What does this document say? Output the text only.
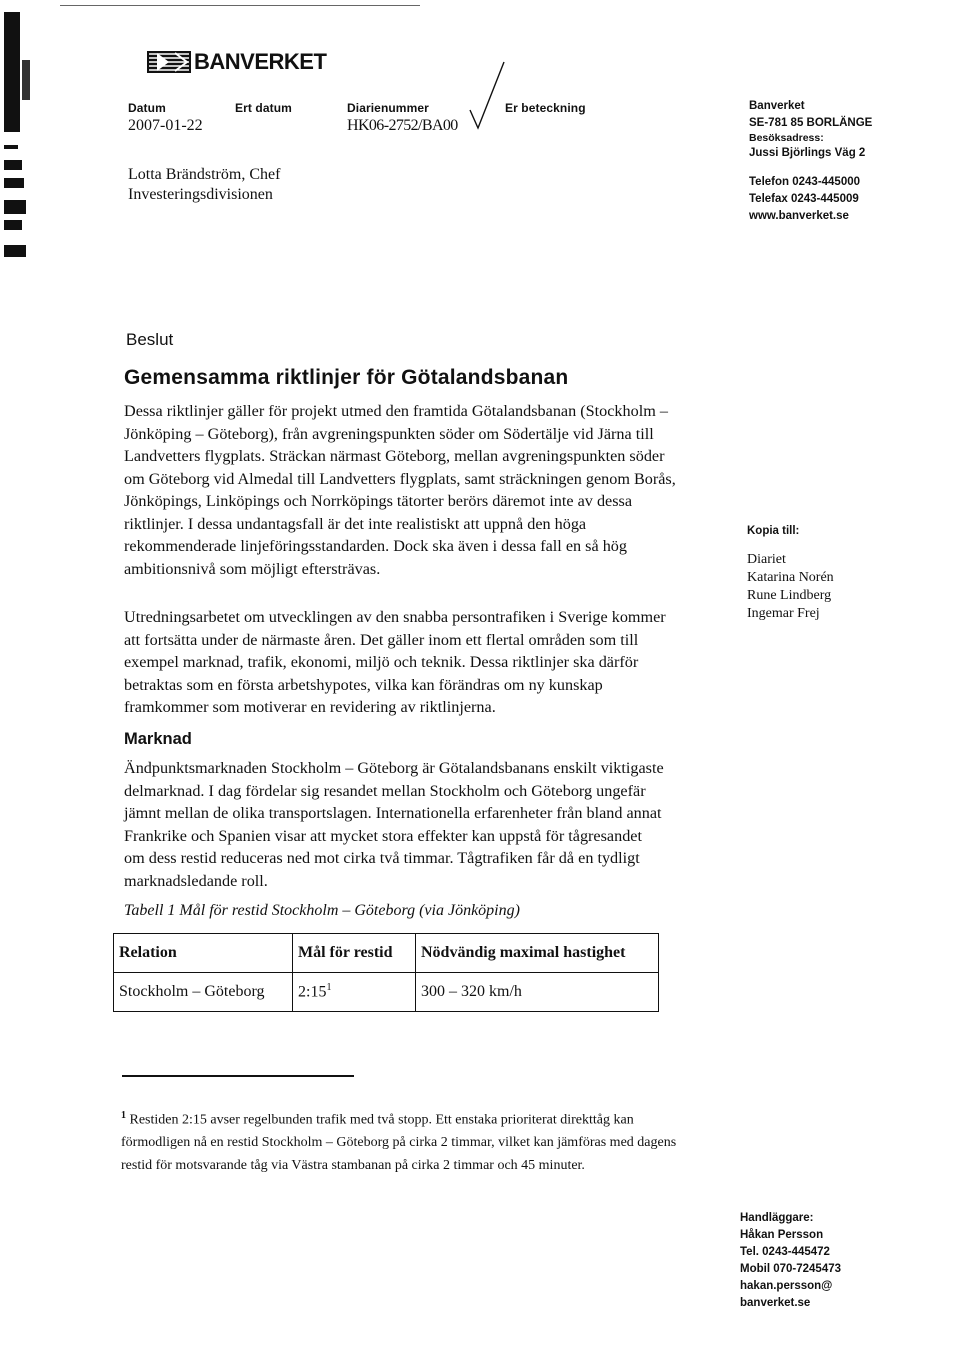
BANVERKET
Datum
2007-01-22
Ert datum	Diarienummer
HK06-2752/BA00
Er beteckning
Lotta Brändström, Chef
Investeringsdivisionen
Banverket
SE-781 85 BORLÄNGE
Besöksadress:
Jussi Björlings Väg 2
Telefon 0243-445000
Telefax 0243-445009
www.banverket.se
Beslut
Gemensamma riktlinjer för Götalandsbanan
Dessa riktlinjer gäller för projekt utmed den framtida Götalandsbanan (Stockholm – Jönköping – Göteborg), från avgreningspunkten söder om Södertälje vid Järna till Landvetters flygplats. Sträckan närmast Göteborg, mellan avgreningspunkten söder om Göteborg vid Almedal till Landvetters flygplats, samt sträckningen genom Borås, Jönköpings, Linköpings och Norrköpings tätorter berörs däremot inte av dessa riktlinjer. I dessa undantagsfall är det inte realistiskt att uppnå den höga rekommenderade linjeföringsstandarden. Dock ska även i dessa fall en så hög ambitionsnivå som möjligt eftersträvas.
Utredningsarbetet om utvecklingen av den snabba persontrafiken i Sverige kommer att fortsätta under de närmaste åren. Det gäller inom ett flertal områden som till exempel marknad, trafik, ekonomi, miljö och teknik. Dessa riktlinjer ska därför betraktas som en första arbetshypotes, vilka kan förändras om ny kunskap framkommer som motiverar en revidering av riktlinjerna.
Kopia till:
Diariet
Katarina Norén
Rune Lindberg
Ingemar Frej
Marknad
Ändpunktsmarknaden Stockholm – Göteborg är Götalandsbanans enskilt viktigaste delmarknad. I dag fördelar sig resandet mellan Stockholm och Göteborg ungefär jämnt mellan de olika transportslagen. Internationella erfarenheter från bland annat Frankrike och Spanien visar att mycket stora effekter kan uppstå för tågresandet om dess restid reduceras ned mot cirka två timmar. Tågtrafiken får då en tydligt marknadsledande roll.
Tabell 1 Mål för restid Stockholm – Göteborg (via Jönköping)
Relation	Mål för restid	Nödvändig maximal hastighet
Stockholm – Göteborg	$2:15^1$	300 – 320 km/h
$^1$ Restiden 2:15 avser regelbunden trafik med två stopp. Ett enstaka prioriterat direkttåg kan förmodligen nå en restid Stockholm – Göteborg på cirka 2 timmar, vilket kan jämföras med dagens restid för motsvarande tåg via Västra stambanan på cirka 2 timmar och 45 minuter.
Handläggare:
Håkan Persson
Tel. 0243-445472
Mobil 070-7245473
hakan.persson@
banverket.se
